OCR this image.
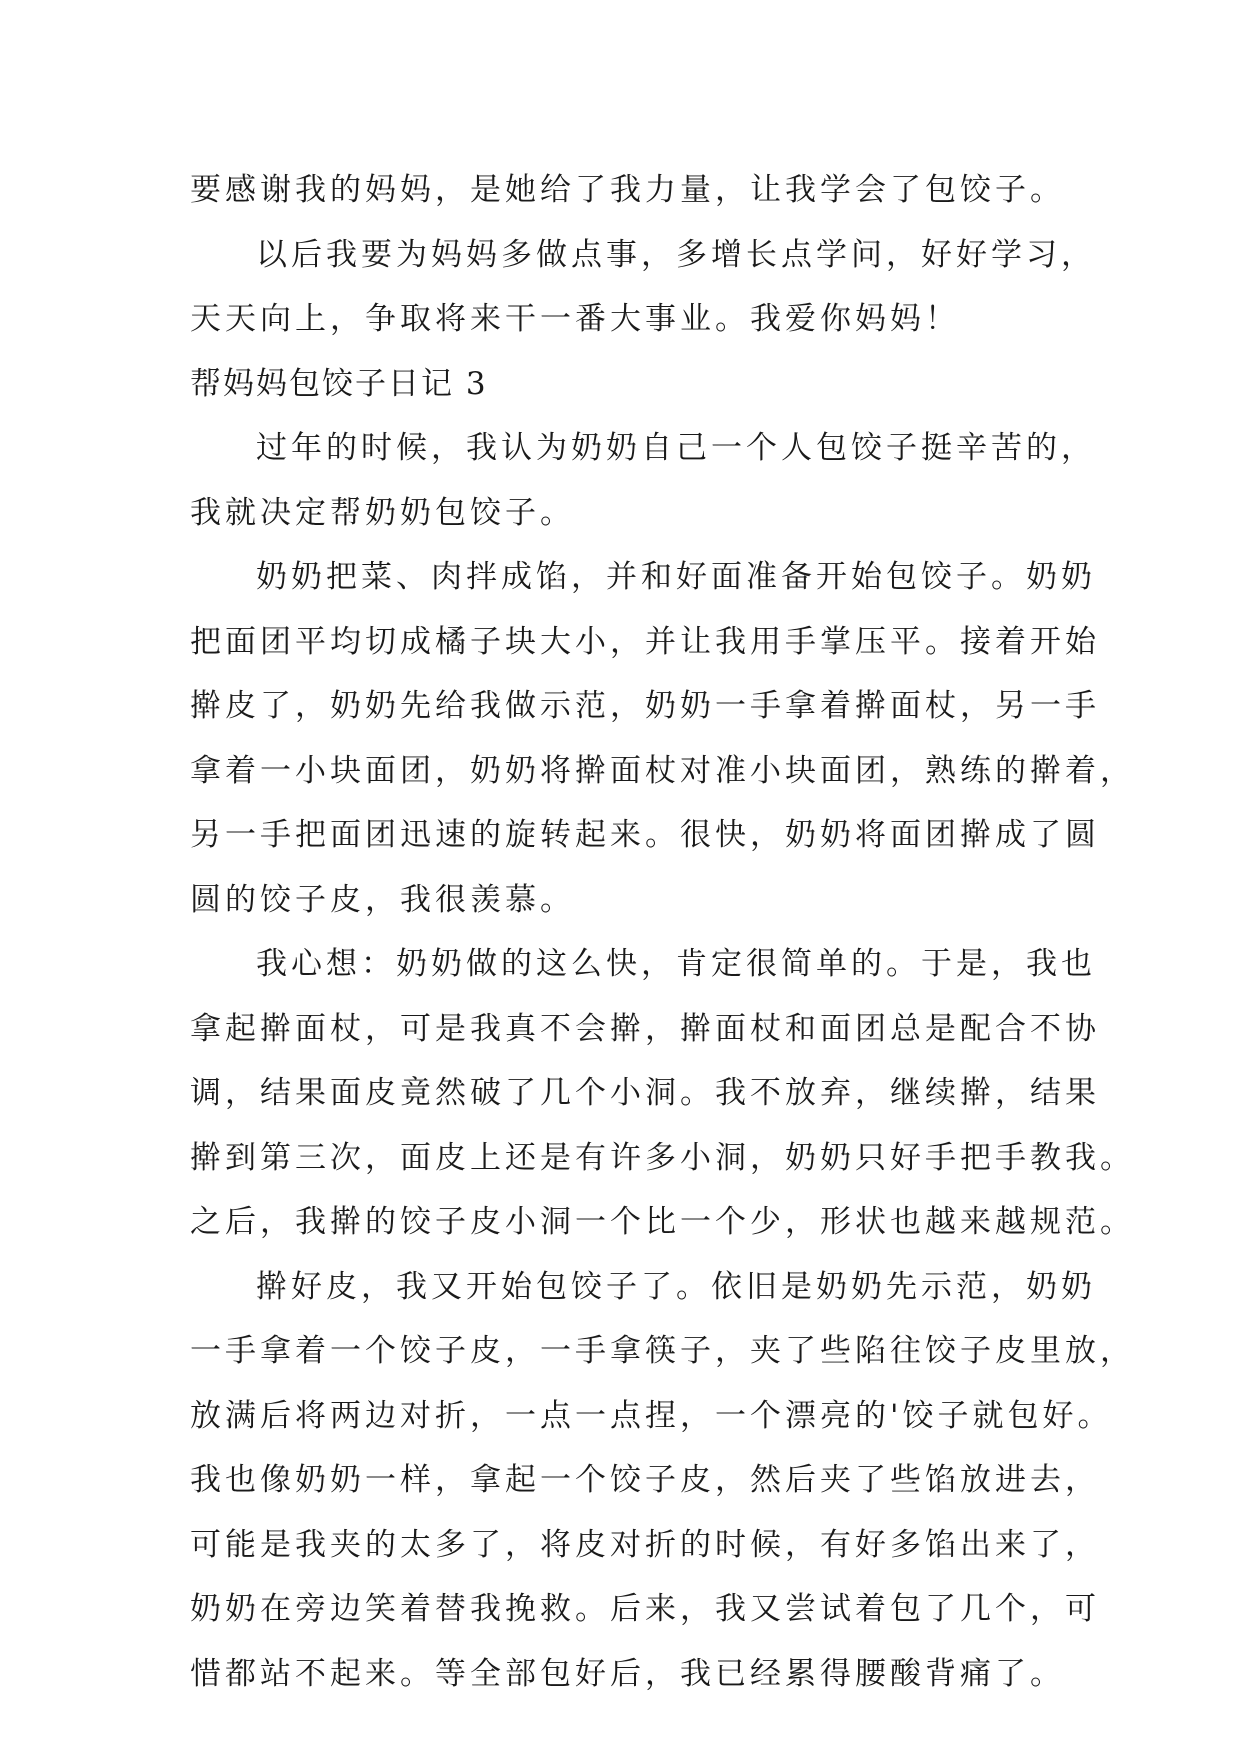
要感谢我的妈妈，是她给了我力量，让我学会了包饺子。
以后我要为妈妈多做点事，多增长点学问，好好学习，
天天向上，争取将来干一番大事业。我爱你妈妈！
帮妈妈包饺子日记 3
过年的时候，我认为奶奶自己一个人包饺子挺辛苦的，
我就决定帮奶奶包饺子。
奶奶把菜、肉拌成馅，并和好面准备开始包饺子。奶奶
把面团平均切成橘子块大小，并让我用手掌压平。接着开始
擀皮了，奶奶先给我做示范，奶奶一手拿着擀面杖，另一手
拿着一小块面团，奶奶将擀面杖对准小块面团，熟练的擀着，
另一手把面团迅速的旋转起来。很快，奶奶将面团擀成了圆
圆的饺子皮，我很羡慕。
我心想：奶奶做的这么快，肯定很简单的。于是，我也
拿起擀面杖，可是我真不会擀，擀面杖和面团总是配合不协
调，结果面皮竟然破了几个小洞。我不放弃，继续擀，结果
擀到第三次，面皮上还是有许多小洞，奶奶只好手把手教我。
之后，我擀的饺子皮小洞一个比一个少，形状也越来越规范。
擀好皮，我又开始包饺子了。依旧是奶奶先示范，奶奶
一手拿着一个饺子皮，一手拿筷子，夹了些陷往饺子皮里放，
放满后将两边对折，一点一点捏，一个漂亮的'饺子就包好。
我也像奶奶一样，拿起一个饺子皮，然后夹了些馅放进去，
可能是我夹的太多了，将皮对折的时候，有好多馅出来了，
奶奶在旁边笑着替我挽救。后来，我又尝试着包了几个，可
惜都站不起来。等全部包好后，我已经累得腰酸背痛了。
